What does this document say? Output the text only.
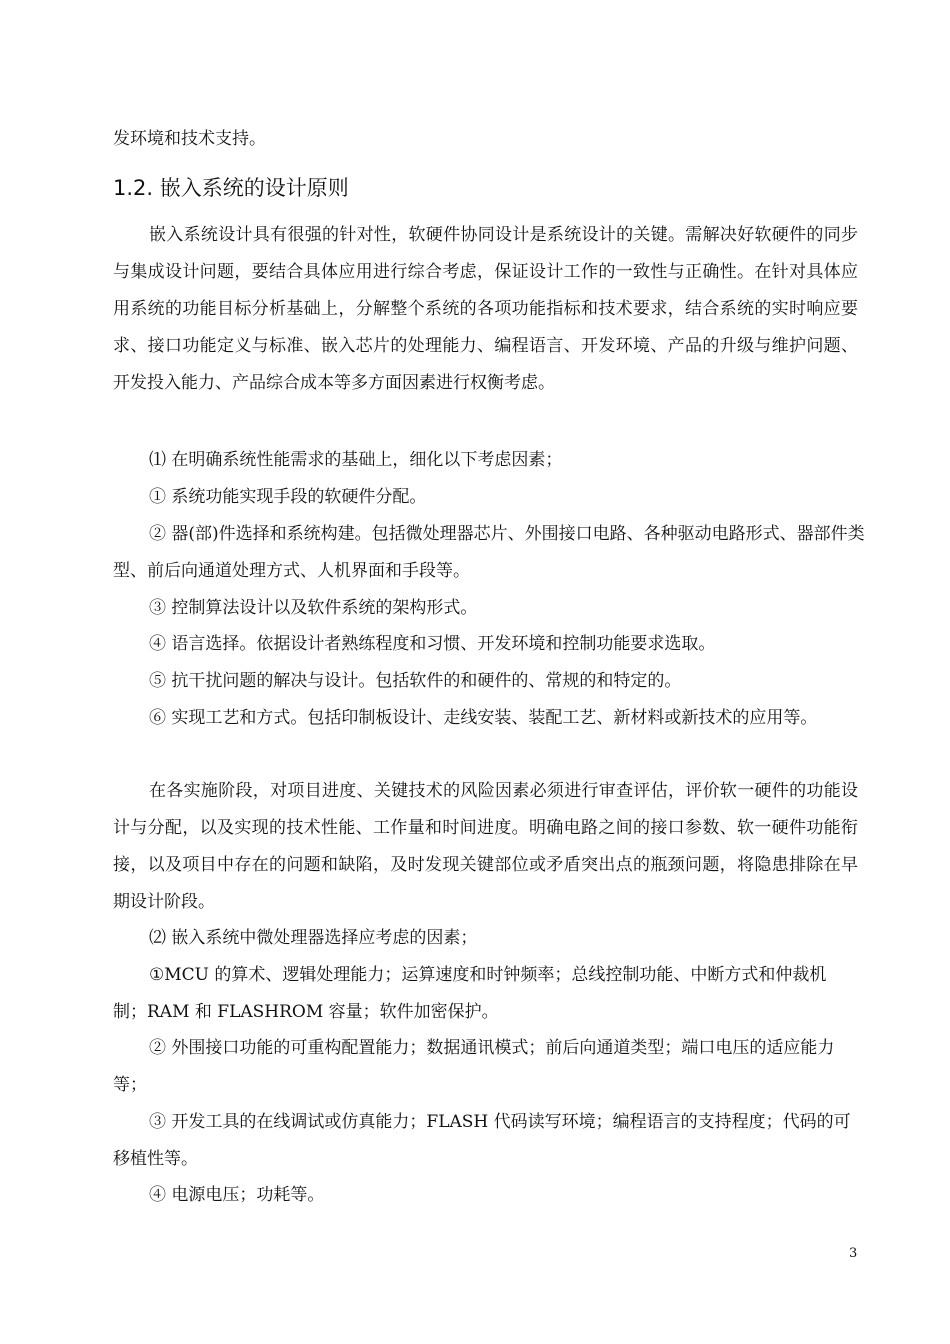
发环境和技术支持。
1.2. 嵌入系统的设计原则
嵌入系统设计具有很强的针对性，软硬件协同设计是系统设计的关键。需解决好软硬件的同步与集成设计问题，要结合具体应用进行综合考虑，保证设计工作的一致性与正确性。在针对具体应用系统的功能目标分析基础上，分解整个系统的各项功能指标和技术要求，结合系统的实时响应要求、接口功能定义与标准、嵌入芯片的处理能力、编程语言、开发环境、产品的升级与维护问题、开发投入能力、产品综合成本等多方面因素进行权衡考虑。
⑴ 在明确系统性能需求的基础上，细化以下考虑因素；
① 系统功能实现手段的软硬件分配。
② 器(部)件选择和系统构建。包括微处理器芯片、外围接口电路、各种驱动电路形式、器部件类型、前后向通道处理方式、人机界面和手段等。
③ 控制算法设计以及软件系统的架构形式。
④ 语言选择。依据设计者熟练程度和习惯、开发环境和控制功能要求选取。
⑤ 抗干扰问题的解决与设计。包括软件的和硬件的、常规的和特定的。
⑥ 实现工艺和方式。包括印制板设计、走线安装、装配工艺、新材料或新技术的应用等。
在各实施阶段，对项目进度、关键技术的风险因素必须进行审查评估，评价软一硬件的功能设计与分配，以及实现的技术性能、工作量和时间进度。明确电路之间的接口参数、软一硬件功能衔接，以及项目中存在的问题和缺陷，及时发现关键部位或矛盾突出点的瓶颈问题，将隐患排除在早期设计阶段。
⑵ 嵌入系统中微处理器选择应考虑的因素；
①MCU 的算术、逻辑处理能力；运算速度和时钟频率；总线控制功能、中断方式和仲裁机制；RAM 和 FLASHROM 容量；软件加密保护。
② 外围接口功能的可重构配置能力；数据通讯模式；前后向通道类型；端口电压的适应能力等；
③ 开发工具的在线调试或仿真能力；FLASH 代码读写环境；编程语言的支持程度；代码的可移植性等。
④ 电源电压；功耗等。
3
